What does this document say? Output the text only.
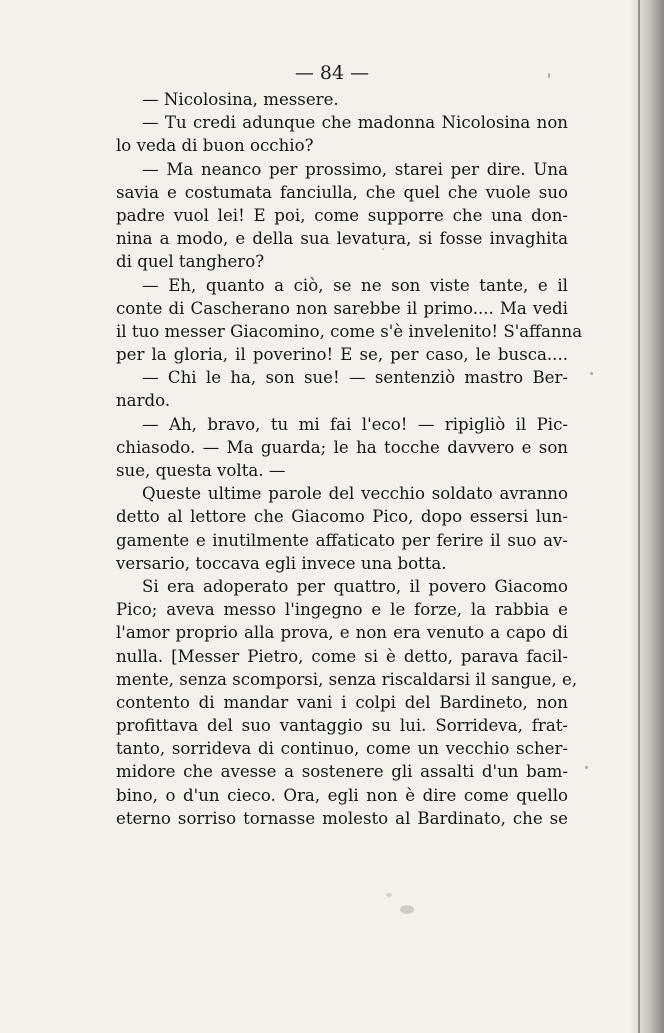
— 84 —
— Nicolosina, messere.
— Tu credi adunque che madonna Nicolosina non
lo veda di buon occhio?
— Ma neanco per prossimo, starei per dire. Una
savia e costumata fanciulla, che quel che vuole suo
padre vuol lei! E poi, come supporre che una don-
nina a modo, e della sua levatura, si fosse invaghita
di quel tanghero?
— Eh, quanto a ciò, se ne son viste tante, e il
conte di Cascherano non sarebbe il primo.... Ma vedi
il tuo messer Giacomino, come s'è invelenito! S'affanna
per la gloria, il poverino! E se, per caso, le busca....
— Chi le ha, son sue! — sentenziò mastro Ber-
nardo.
— Ah, bravo, tu mi fai l'eco! — ripigliò il Pic-
chiasodo. — Ma guarda; le ha tocche davvero e son
sue, questa volta. —
Queste ultime parole del vecchio soldato avranno
detto al lettore che Giacomo Pico, dopo essersi lun-
gamente e inutilmente affaticato per ferire il suo av-
versario, toccava egli invece una botta.
Si era adoperato per quattro, il povero Giacomo
Pico; aveva messo l'ingegno e le forze, la rabbia e
l'amor proprio alla prova, e non era venuto a capo di
nulla. [Messer Pietro, come si è detto, parava facil-
mente, senza scomporsi, senza riscaldarsi il sangue, e,
contento di mandar vani i colpi del Bardineto, non
profittava del suo vantaggio su lui. Sorrideva, frat-
tanto, sorrideva di continuo, come un vecchio scher-
midore che avesse a sostenere gli assalti d'un bam-
bino, o d'un cieco. Ora, egli non è dire come quello
eterno sorriso tornasse molesto al Bardinato, che se
